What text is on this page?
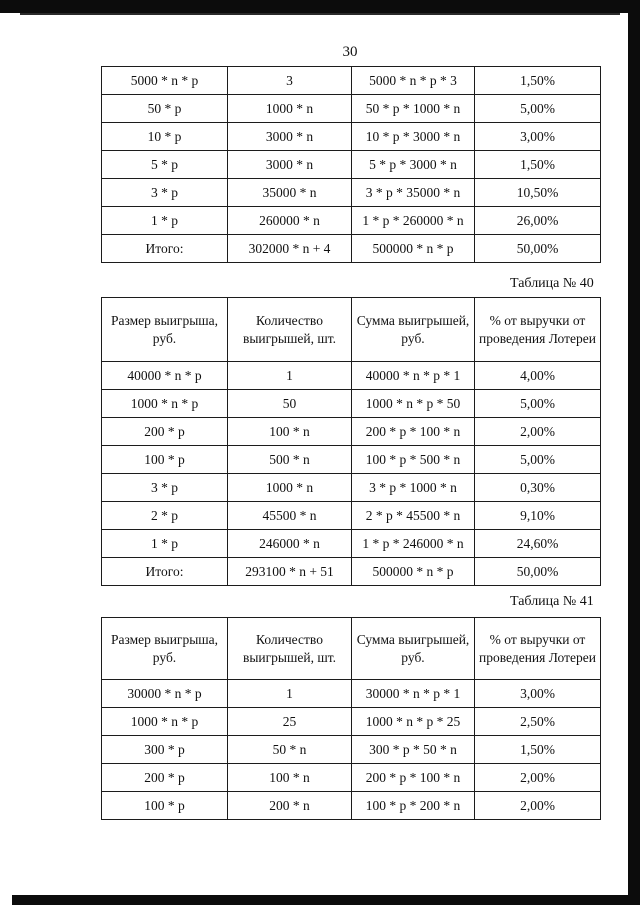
30
5000 * n * p	3	5000 * n * p * 3	1,50%
50 * p	1000 * n	50 * p * 1000 * n	5,00%
10 * p	3000 * n	10 * p * 3000 * n	3,00%
5 * p	3000 * n	5 * p * 3000 * n	1,50%
3 * p	35000 * n	3 * p * 35000 * n	10,50%
1 * p	260000 * n	1 * p * 260000 * n	26,00%
Итого:	302000 * n + 4	500000 * n * p	50,00%
Таблица № 40
Размер выигрыша, руб.	Количество выигрышей, шт.	Сумма выигрышей, руб.	% от выручки от проведения Лотереи
40000 * n * p	1	40000 * n * p * 1	4,00%
1000 * n * p	50	1000 * n * p * 50	5,00%
200 * p	100 * n	200 * p * 100 * n	2,00%
100 * p	500 * n	100 * p * 500 * n	5,00%
3 * p	1000 * n	3 * p * 1000 * n	0,30%
2 * p	45500 * n	2 * p * 45500 * n	9,10%
1 * p	246000 * n	1 * p * 246000 * n	24,60%
Итого:	293100 * n + 51	500000 * n * p	50,00%
Таблица № 41
Размер выигрыша, руб.	Количество выигрышей, шт.	Сумма выигрышей, руб.	% от выручки от проведения Лотереи
30000 * n * p	1	30000 * n * p * 1	3,00%
1000 * n * p	25	1000 * n * p * 25	2,50%
300 * p	50 * n	300 * p * 50 * n	1,50%
200 * p	100 * n	200 * p * 100 * n	2,00%
100 * p	200 * n	100 * p * 200 * n	2,00%
